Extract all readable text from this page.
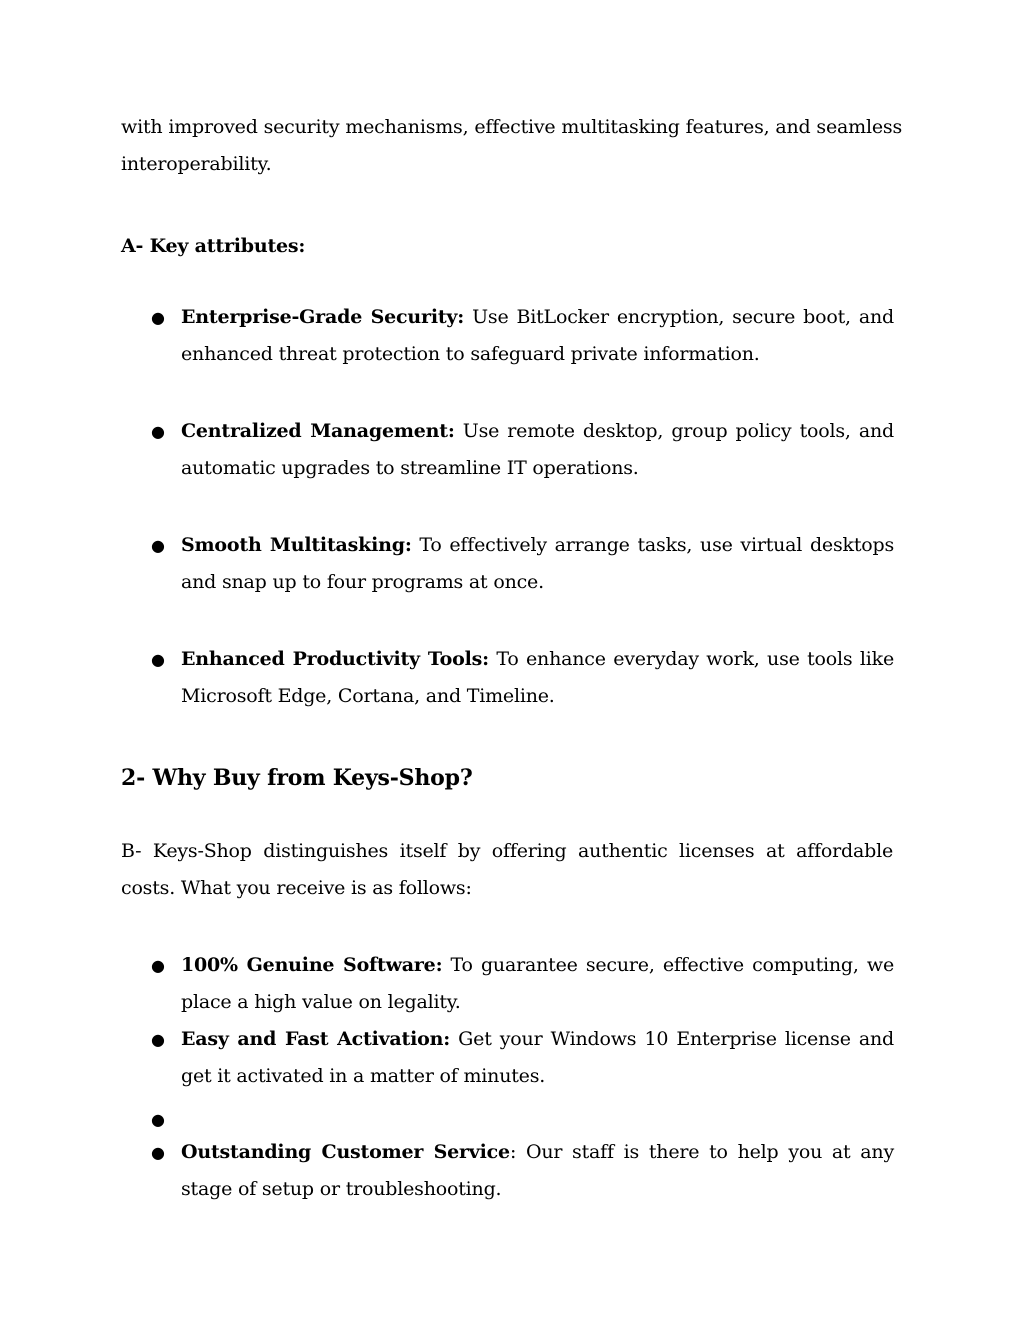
with improved security mechanisms, effective multitasking features, and seamless interoperability.
A- Key attributes:
● Enterprise-Grade Security: Use BitLocker encryption, secure boot, and enhanced threat protection to safeguard private information.
● Centralized Management: Use remote desktop, group policy tools, and automatic upgrades to streamline IT operations.
● Smooth Multitasking: To effectively arrange tasks, use virtual desktops and snap up to four programs at once.
● Enhanced Productivity Tools: To enhance everyday work, use tools like Microsoft Edge, Cortana, and Timeline.
2- Why Buy from Keys-Shop?
B- Keys-Shop distinguishes itself by offering authentic licenses at affordable costs. What you receive is as follows:
● 100% Genuine Software: To guarantee secure, effective computing, we place a high value on legality.
● Easy and Fast Activation: Get your Windows 10 Enterprise license and get it activated in a matter of minutes.
●
● Outstanding Customer Service: Our staff is there to help you at any stage of setup or troubleshooting.
